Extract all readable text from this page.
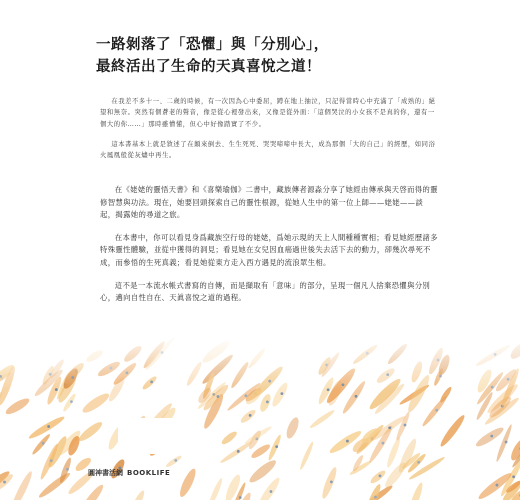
一路剝落了「恐懼」與「分別心」，
最終活出了生命的天真喜悅之道！

在我差不多十一、二歲的時候，有一次因為心中委屈，蹲在地上抽泣，只記得當時心中充滿了「成熟的」絕望和無奈。突然有個蒼老的聲音，像是從心裡發出來，又像是從外面：「這個哭泣的小女孩不是真的你，還有一個大的你……」那時雖懵懂，但心中好像踏實了不少。

這本書基本上就是敘述了在顛來倒去、生生死死、哭哭啼啼中長大，成為那個「大的自己」的經歷，如同浴火鳳凰般從灰燼中再生。

在《姥姥的靈悟天書》和《喜樂瑜伽》二書中，藏族傳者源淼分享了她經由傳承與天啓而得的靈修智慧與功法。現在，她要回頭探索自己的靈性根源，從她人生中的第一位上師——姥姥——談起，揭露她的尋道之旅。

在本書中，你可以看見身爲藏族空行母的姥姥，爲她示現的天上人間種種實相；看見她經歷諸多特殊靈性體驗，並從中獲得的洞見；看見她在女兒因血癌過世後失去活下去的動力，卻幾次尋死不成，而參悟的生死真義；看見她從東方走入西方遇見的流浪眾生相。

這不是一本流水帳式書寫的自傳，而是擷取有「意味」的部分，呈現一個凡人捨棄恐懼與分別心，邁向自性自在、天眞喜悅之道的過程。

圓神書活網 BOOKLIFE
